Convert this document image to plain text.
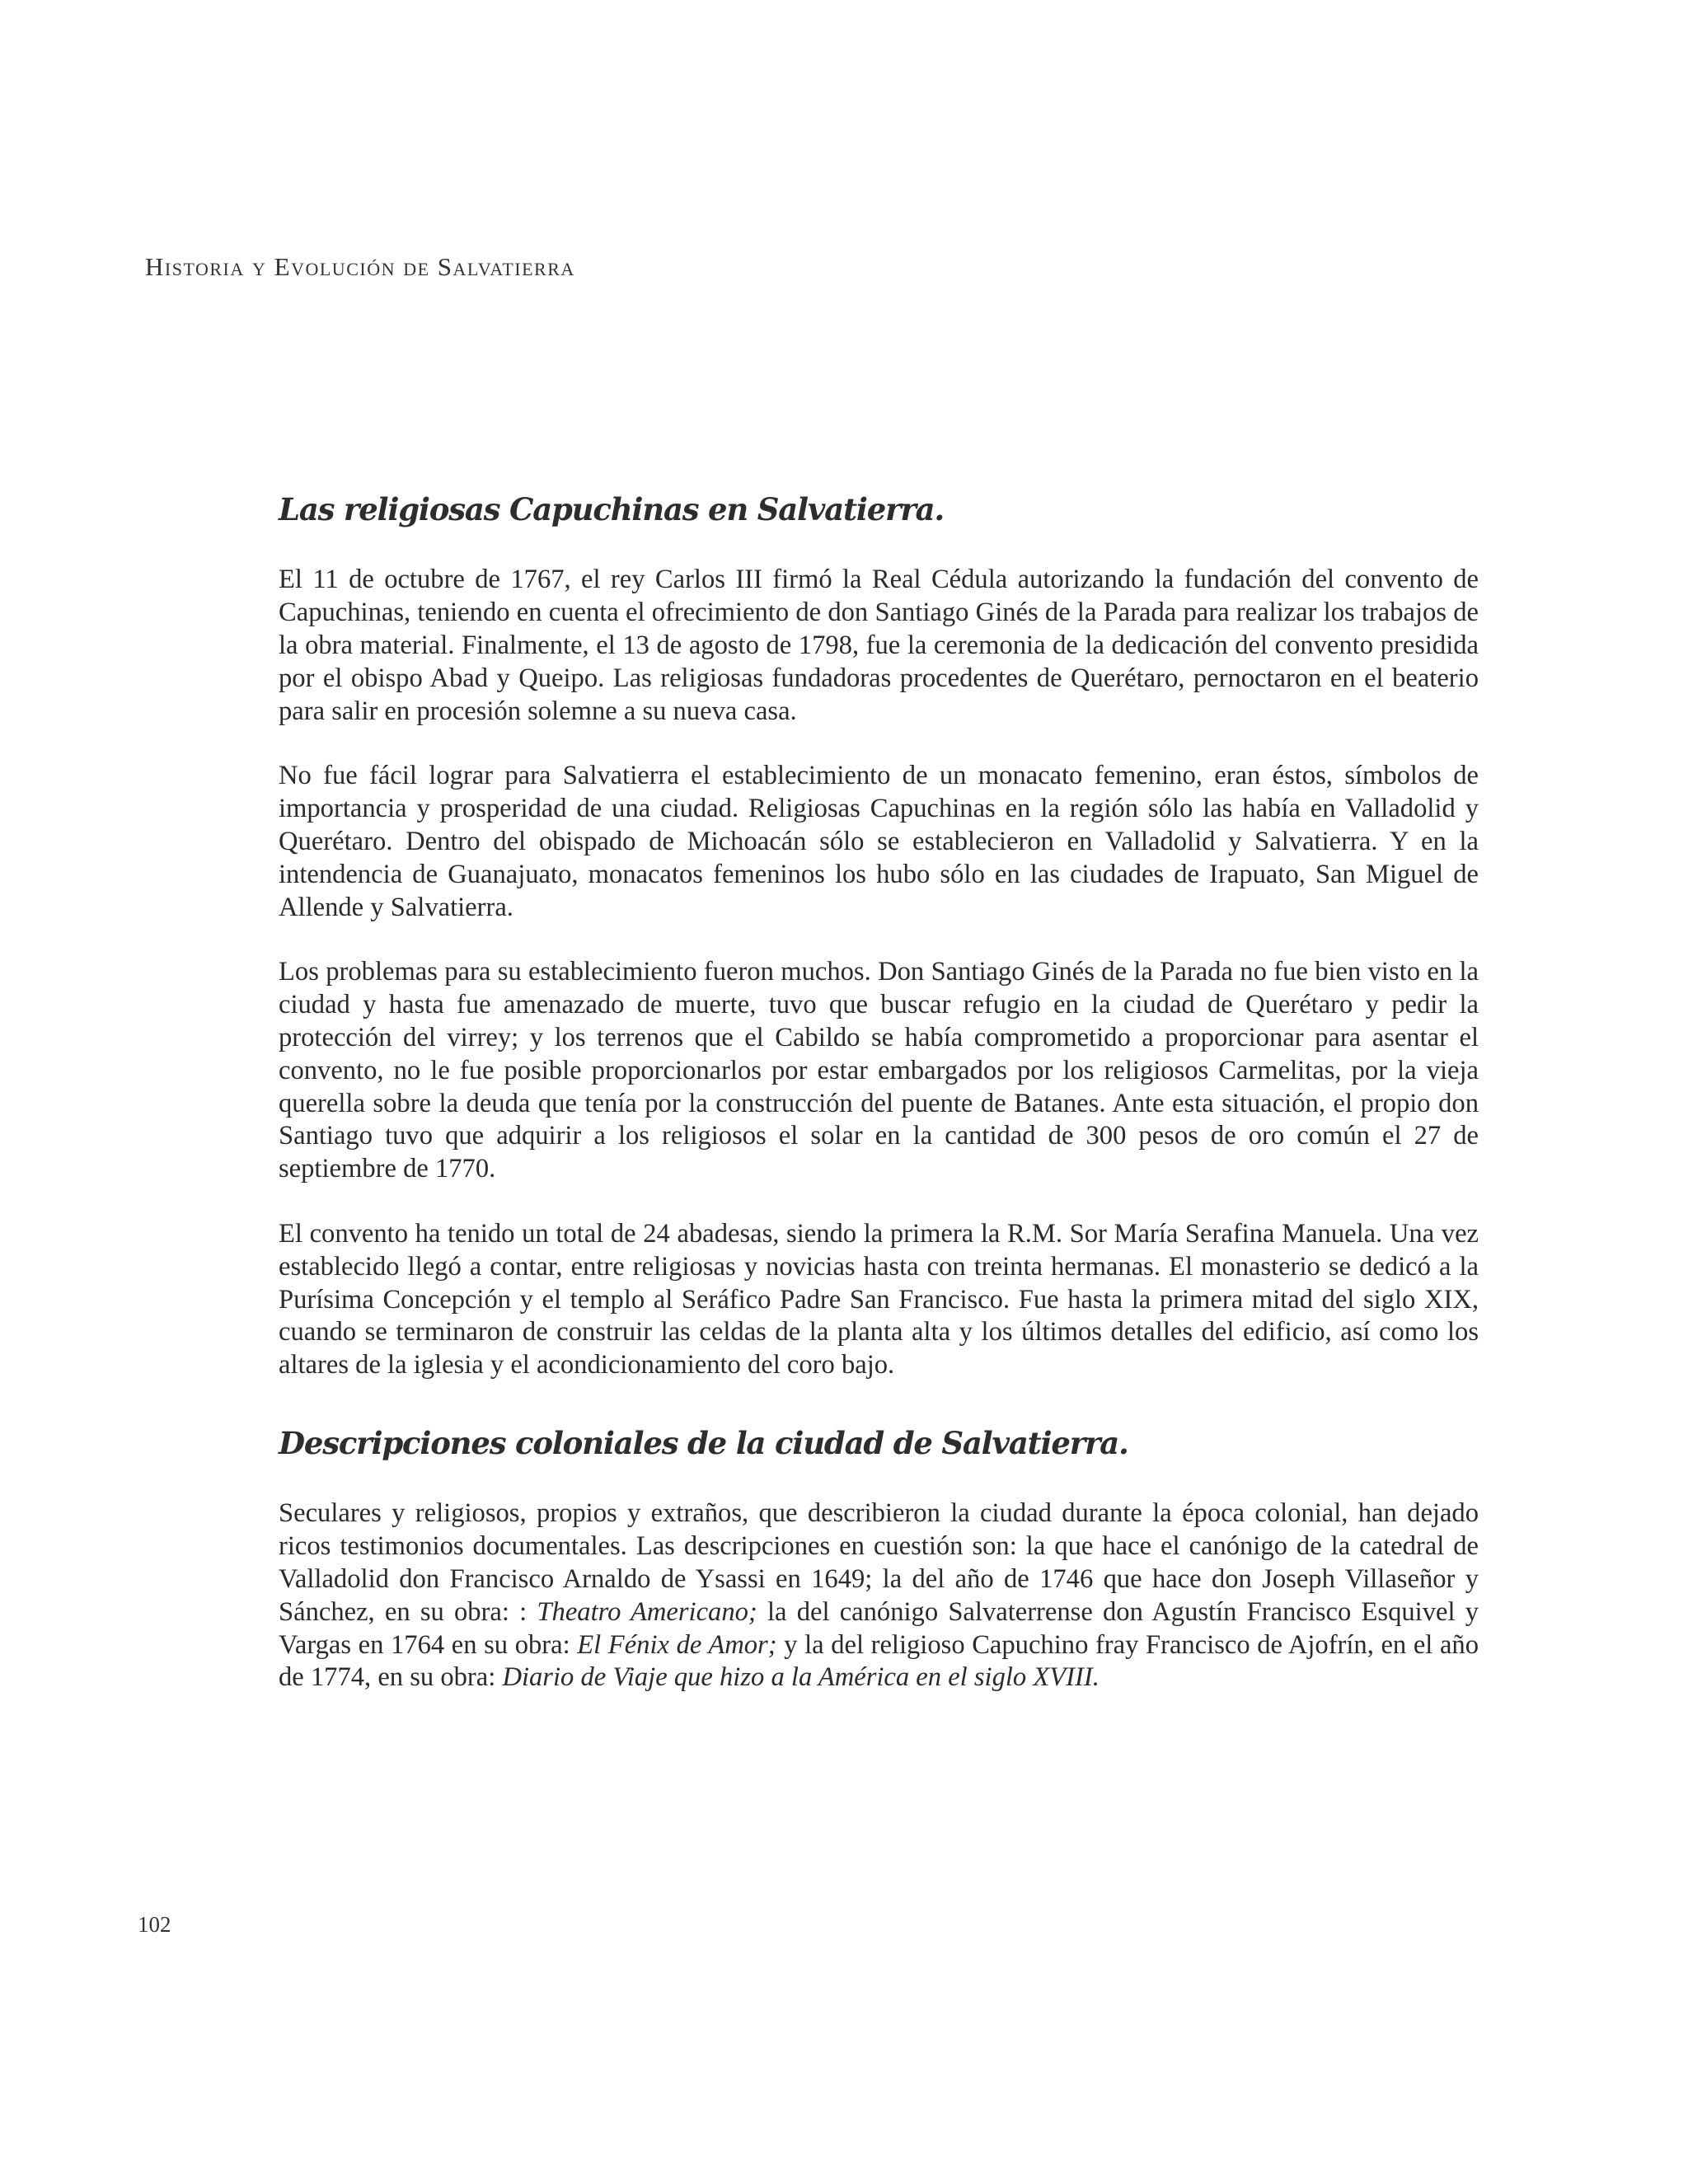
Historia y Evolución de Salvatierra

Las religiosas Capuchinas en Salvatierra.

El 11 de octubre de 1767, el rey Carlos III firmó la Real Cédula autorizando la fundación del convento de Capuchinas, teniendo en cuenta el ofrecimiento de don Santiago Ginés de la Parada para realizar los trabajos de la obra material. Finalmente, el 13 de agosto de 1798, fue la ceremonia de la dedicación del convento presidida por el obispo Abad y Queipo. Las religiosas fundadoras procedentes de Querétaro, pernoctaron en el beaterio para salir en procesión solemne a su nueva casa.

No fue fácil lograr para Salvatierra el establecimiento de un monacato femenino, eran éstos, símbolos de importancia y prosperidad de una ciudad. Religiosas Capuchinas en la región sólo las había en Valladolid y Querétaro. Dentro del obispado de Michoacán sólo se establecieron en Valladolid y Salvatierra. Y en la intendencia de Guanajuato, monacatos femeninos los hubo sólo en las ciudades de Irapuato, San Miguel de Allende y Salvatierra.

Los problemas para su establecimiento fueron muchos. Don Santiago Ginés de la Parada no fue bien visto en la ciudad y hasta fue amenazado de muerte, tuvo que buscar refugio en la ciudad de Querétaro y pedir la protección del virrey; y los terrenos que el Cabildo se había comprometido a proporcionar para asentar el convento, no le fue posible proporcionarlos por estar embargados por los religiosos Carmelitas, por la vieja querella sobre la deuda que tenía por la construcción del puente de Batanes. Ante esta situación, el propio don Santiago tuvo que adquirir a los religiosos el solar en la cantidad de 300 pesos de oro común el 27 de septiembre de 1770.

El convento ha tenido un total de 24 abadesas, siendo la primera la R.M. Sor María Serafina Manuela. Una vez establecido llegó a contar, entre religiosas y novicias hasta con treinta hermanas. El monasterio se dedicó a la Purísima Concepción y el templo al Seráfico Padre San Francisco. Fue hasta la primera mitad del siglo XIX, cuando se terminaron de construir las celdas de la planta alta y los últimos detalles del edificio, así como los altares de la iglesia y el acondicionamiento del coro bajo.

Descripciones coloniales de la ciudad de Salvatierra.

Seculares y religiosos, propios y extraños, que describieron la ciudad durante la época colonial, han dejado ricos testimonios documentales. Las descripciones en cuestión son: la que hace el canónigo de la catedral de Valladolid don Francisco Arnaldo de Ysassi en 1649; la del año de 1746 que hace don Joseph Villaseñor y Sánchez, en su obra: : Theatro Americano; la del canónigo Salvaterrense don Agustín Francisco Esquivel y Vargas en 1764 en su obra: El Fénix de Amor; y la del religioso Capuchino fray Francisco de Ajofrín, en el año de 1774, en su obra: Diario de Viaje que hizo a la América en el siglo XVIII.

102
